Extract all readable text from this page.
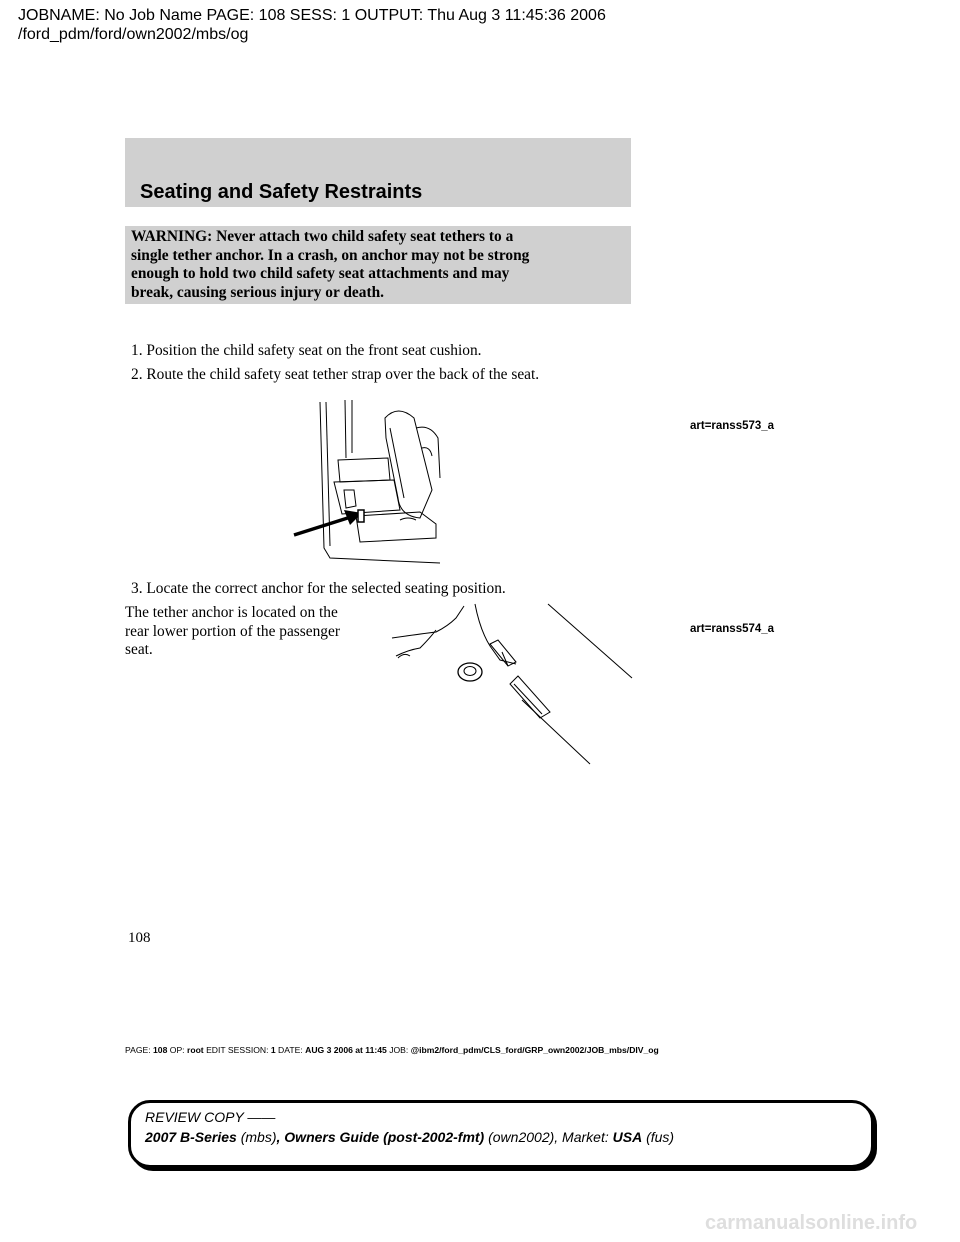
JOBNAME: No Job Name PAGE: 108 SESS: 1 OUTPUT: Thu Aug 3 11:45:36 2006
/ford_pdm/ford/own2002/mbs/og
Seating and Safety Restraints
WARNING: Never attach two child safety seat tethers to a
single tether anchor. In a crash, on anchor may not be strong
enough to hold two child safety seat attachments and may
break, causing serious injury or death.
1. Position the child safety seat on the front seat cushion.
2. Route the child safety seat tether strap over the back of the seat.
art=ranss573_a
3. Locate the correct anchor for the selected seating position.
The tether anchor is located on the
rear lower portion of the passenger
seat.
art=ranss574_a
108
PAGE: 108 OP: root EDIT SESSION: 1 DATE: AUG 3 2006 at 11:45 JOB: @ibm2/ford_pdm/CLS_ford/GRP_own2002/JOB_mbs/DIV_og
REVIEW COPY ——
2007 B-Series (mbs), Owners Guide (post-2002-fmt) (own2002), Market: USA (fus)
carmanualsonline.info
